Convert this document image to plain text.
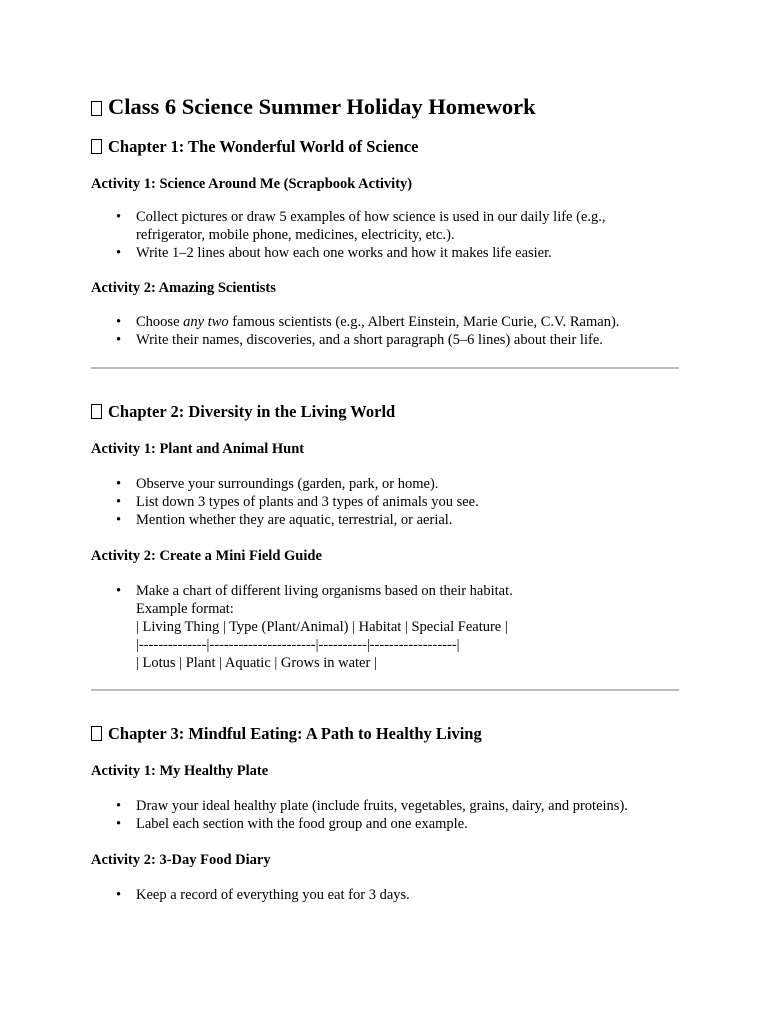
Class 6 Science Summer Holiday Homework
Chapter 1: The Wonderful World of Science
Activity 1: Science Around Me (Scrapbook Activity)
• Collect pictures or draw 5 examples of how science is used in our daily life (e.g.,
refrigerator, mobile phone, medicines, electricity, etc.).
• Write 1–2 lines about how each one works and how it makes life easier.
Activity 2: Amazing Scientists
• Choose any two famous scientists (e.g., Albert Einstein, Marie Curie, C.V. Raman).
• Write their names, discoveries, and a short paragraph (5–6 lines) about their life.
Chapter 2: Diversity in the Living World
Activity 1: Plant and Animal Hunt
• Observe your surroundings (garden, park, or home).
• List down 3 types of plants and 3 types of animals you see.
• Mention whether they are aquatic, terrestrial, or aerial.
Activity 2: Create a Mini Field Guide
• Make a chart of different living organisms based on their habitat.
Example format:
| Living Thing | Type (Plant/Animal) | Habitat | Special Feature |
|--------------|----------------------|----------|------------------|
| Lotus | Plant | Aquatic | Grows in water |
Chapter 3: Mindful Eating: A Path to Healthy Living
Activity 1: My Healthy Plate
• Draw your ideal healthy plate (include fruits, vegetables, grains, dairy, and proteins).
• Label each section with the food group and one example.
Activity 2: 3-Day Food Diary
• Keep a record of everything you eat for 3 days.
